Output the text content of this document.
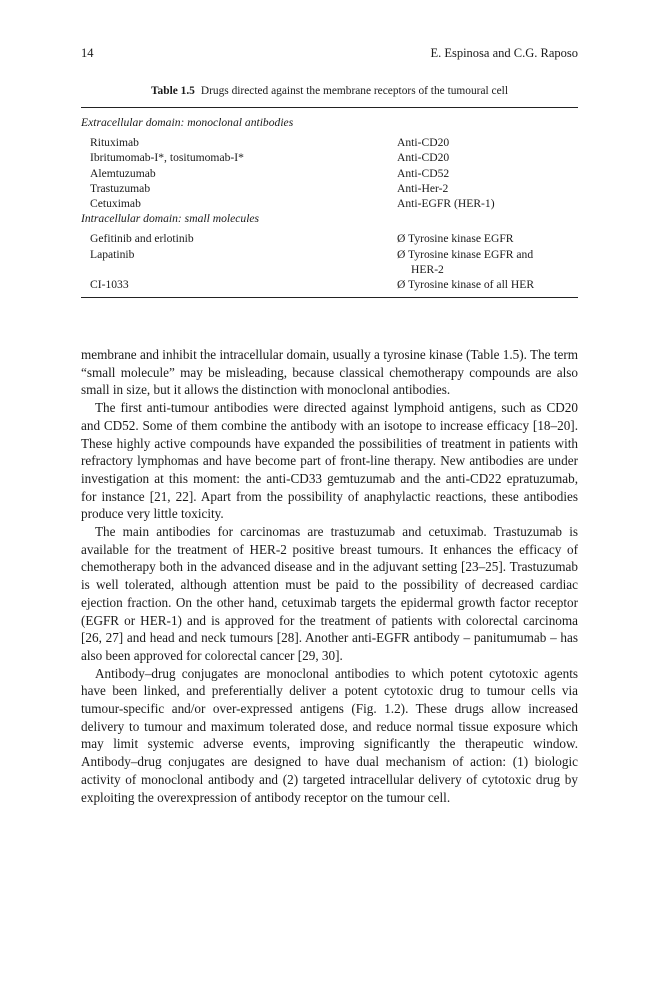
14	E. Espinosa and C.G. Raposo
Table 1.5 Drugs directed against the membrane receptors of the tumoural cell
Extracellular domain: monoclonal antibodies
Rituximab	Anti-CD20
Ibritumomab-I*, tositumomab-I*	Anti-CD20
Alemtuzumab	Anti-CD52
Trastuzumab	Anti-Her-2
Cetuximab	Anti-EGFR (HER-1)
Intracellular domain: small molecules
Gefitinib and erlotinib	Ø Tyrosine kinase EGFR
Lapatinib	Ø Tyrosine kinase EGFR and
HER-2
CI-1033	Ø Tyrosine kinase of all HER

membrane and inhibit the intracellular domain, usually a tyrosine kinase (Table 1.5). The term “small molecule” may be misleading, because classical chemotherapy compounds are also small in size, but it allows the distinction with monoclonal antibodies.

The first anti-tumour antibodies were directed against lymphoid antigens, such as CD20 and CD52. Some of them combine the antibody with an isotope to increase efficacy [18–20]. These highly active compounds have expanded the possibilities of treatment in patients with refractory lymphomas and have become part of front-line therapy. New antibodies are under investigation at this moment: the anti-CD33 gemtuzumab and the anti-CD22 epratuzumab, for instance [21, 22]. Apart from the possibility of anaphylactic reactions, these antibodies produce very little toxicity.

The main antibodies for carcinomas are trastuzumab and cetuximab. Trastuzumab is available for the treatment of HER-2 positive breast tumours. It enhances the efficacy of chemotherapy both in the advanced disease and in the adjuvant setting [23–25]. Trastuzumab is well tolerated, although attention must be paid to the possibility of decreased cardiac ejection fraction. On the other hand, cetuximab targets the epidermal growth factor receptor (EGFR or HER-1) and is approved for the treatment of patients with colorectal carcinoma [26, 27] and head and neck tumours [28]. Another anti-EGFR antibody – panitumumab – has also been approved for colorectal cancer [29, 30].

Antibody–drug conjugates are monoclonal antibodies to which potent cytotoxic agents have been linked, and preferentially deliver a potent cytotoxic drug to tumour cells via tumour-specific and/or over-expressed antigens (Fig. 1.2). These drugs allow increased delivery to tumour and maximum tolerated dose, and reduce normal tissue exposure which may limit systemic adverse events, improving significantly the therapeutic window. Antibody–drug conjugates are designed to have dual mechanism of action: (1) biologic activity of monoclonal antibody and (2) targeted intracellular delivery of cytotoxic drug by exploiting the overexpression of antibody receptor on the tumour cell.
